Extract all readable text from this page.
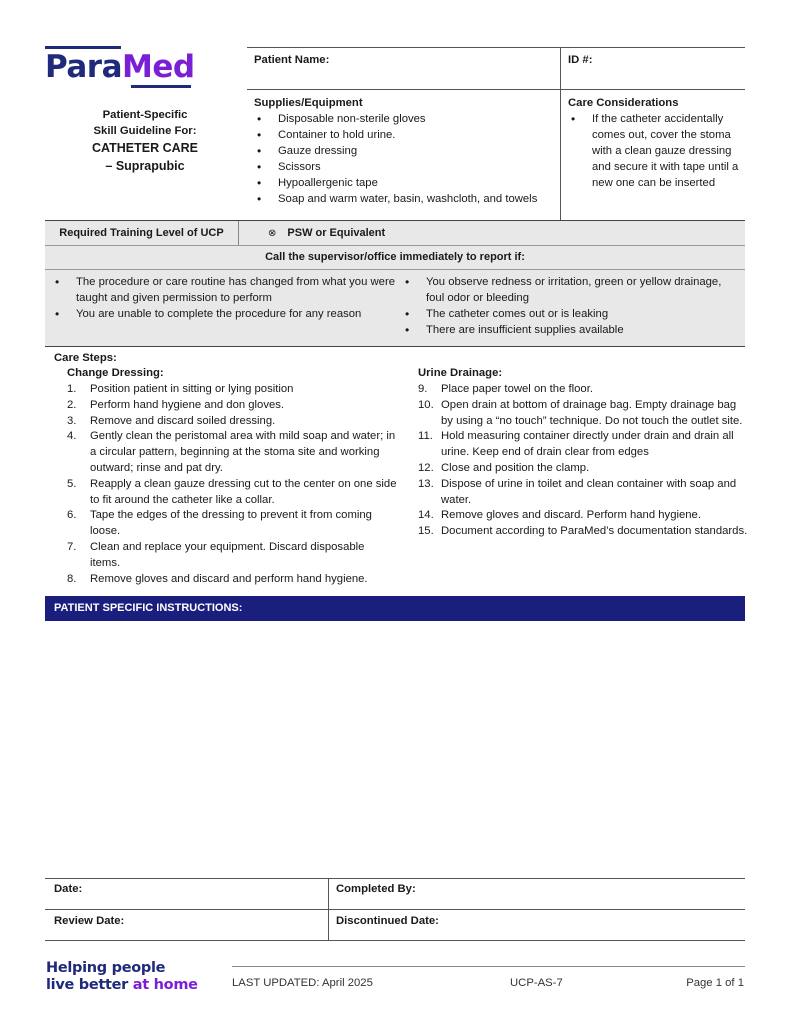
ParaMed
Patient-Specific
Skill Guideline For:
CATHETER CARE
– Suprapubic
Patient Name:	ID #:
Supplies/Equipment
• Disposable non-sterile gloves
• Container to hold urine.
• Gauze dressing
• Scissors
• Hypoallergenic tape
• Soap and warm water, basin, washcloth, and towels
Care Considerations
• If the catheter accidentally comes out, cover the stoma with a clean gauze dressing and secure it with tape until a new one can be inserted
Required Training Level of UCP	⊗ PSW or Equivalent
Call the supervisor/office immediately to report if:
• The procedure or care routine has changed from what you were taught and given permission to perform
• You are unable to complete the procedure for any reason
• You observe redness or irritation, green or yellow drainage, foul odor or bleeding
• The catheter comes out or is leaking
• There are insufficient supplies available
Care Steps:
Change Dressing:	Urine Drainage:
1. Position patient in sitting or lying position
2. Perform hand hygiene and don gloves.
3. Remove and discard soiled dressing.
4. Gently clean the peristomal area with mild soap and water; in a circular pattern, beginning at the stoma site and working outward; rinse and pat dry.
5. Reapply a clean gauze dressing cut to the center on one side to fit around the catheter like a collar.
6. Tape the edges of the dressing to prevent it from coming loose.
7. Clean and replace your equipment. Discard disposable items.
8. Remove gloves and discard and perform hand hygiene.
9. Place paper towel on the floor.
10. Open drain at bottom of drainage bag. Empty drainage bag by using a “no touch” technique. Do not touch the outlet site.
11. Hold measuring container directly under drain and drain all urine. Keep end of drain clear from edges
12. Close and position the clamp.
13. Dispose of urine in toilet and clean container with soap and water.
14. Remove gloves and discard. Perform hand hygiene.
15. Document according to ParaMed’s documentation standards.
PATIENT SPECIFIC INSTRUCTIONS:
Date:	Completed By:
Review Date:	Discontinued Date:
Helping people
live better at home	LAST UPDATED: April 2025	UCP-AS-7	Page 1 of 1
